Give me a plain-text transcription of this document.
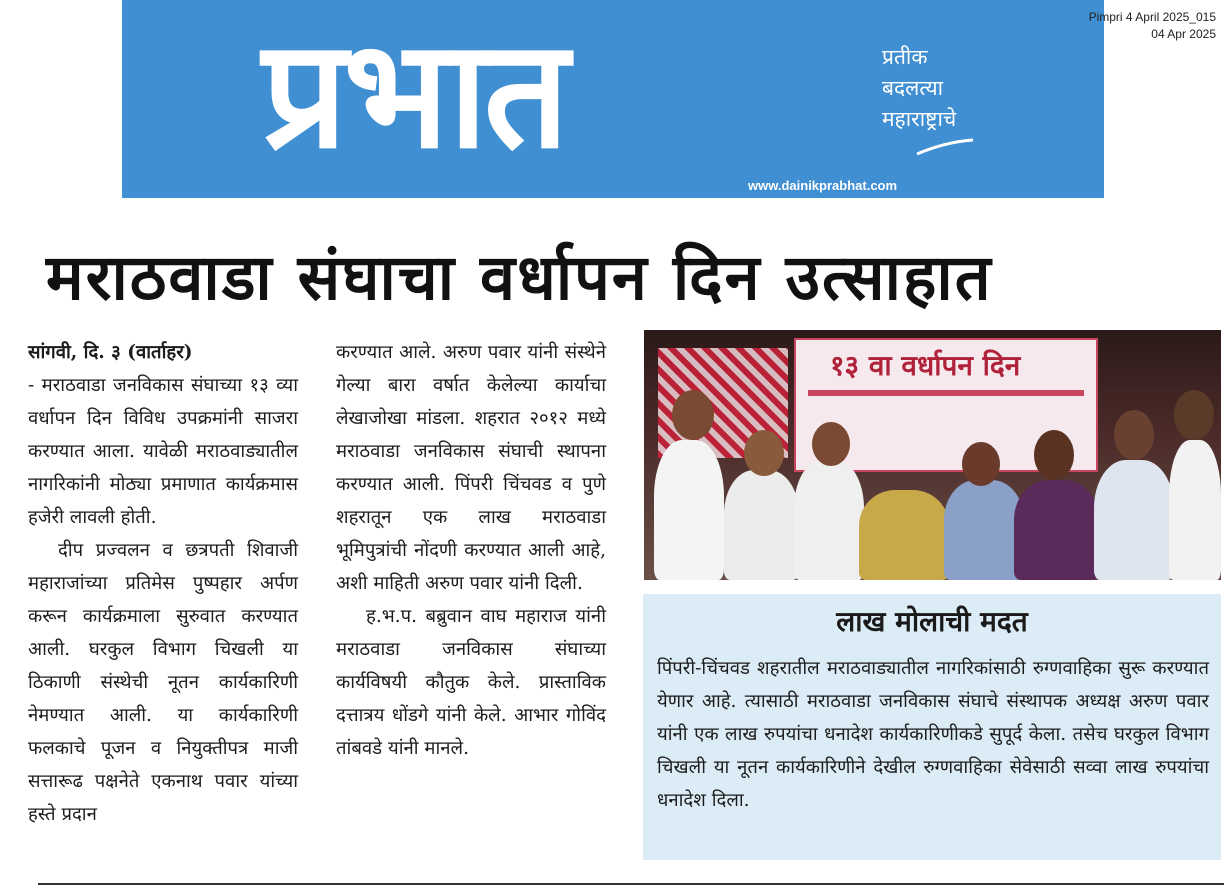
प्रभात	प्रतीक
बदलत्या
महाराष्ट्राचे
www.dainikprabhat.com
Pimpri 4 April 2025_015
04 Apr 2025
मराठवाडा संघाचा वर्धापन दिन उत्साहात

सांगवी, दि. ३ (वार्ताहर)

- मराठवाडा जनविकास संघाच्या १३ व्या वर्धापन दिन विविध उपक्रमांनी साजरा करण्यात आला. यावेळी मराठवाड्यातील नागरिकांनी मोठ्या प्रमाणात कार्यक्रमास हजेरी लावली होती.

दीप प्रज्वलन व छत्रपती शिवाजी महाराजांच्या प्रतिमेस पुष्पहार अर्पण करून कार्यक्रमाला सुरुवात करण्यात आली. घरकुल विभाग चिखली या ठिकाणी संस्थेची नूतन कार्यकारिणी नेमण्यात आली. या कार्यकारिणी फलकाचे पूजन व नियुक्तीपत्र माजी सत्तारूढ पक्षनेते एकनाथ पवार यांच्या हस्ते प्रदान

करण्यात आले. अरुण पवार यांनी संस्थेने गेल्या बारा वर्षात केलेल्या कार्याचा लेखाजोखा मांडला. शहरात २०१२ मध्ये मराठवाडा जनविकास संघाची स्थापना करण्यात आली. पिंपरी चिंचवड व पुणे शहरातून एक लाख मराठवाडा भूमिपुत्रांची नोंदणी करण्यात आली आहे, अशी माहिती अरुण पवार यांनी दिली.

ह.भ.प. बब्रुवान वाघ महाराज यांनी मराठवाडा जनविकास संघाच्या कार्यविषयी कौतुक केले. प्रास्ताविक दत्तात्रय धोंडगे यांनी केले. आभार गोविंद तांबवडे यांनी मानले.

१३ वा वर्धापन दिन
लाख मोलाची मदत
पिंपरी-चिंचवड शहरातील मराठवाड्यातील नागरिकांसाठी रुग्णवाहिका सुरू करण्यात येणार आहे. त्यासाठी मराठवाडा जनविकास संघाचे संस्थापक अध्यक्ष अरुण पवार यांनी एक लाख रुपयांचा धनादेश कार्यकारिणीकडे सुपूर्द केला. तसेच घरकुल विभाग चिखली या नूतन कार्यकारिणीने देखील रुग्णवाहिका सेवेसाठी सव्वा लाख रुपयांचा धनादेश दिला.
